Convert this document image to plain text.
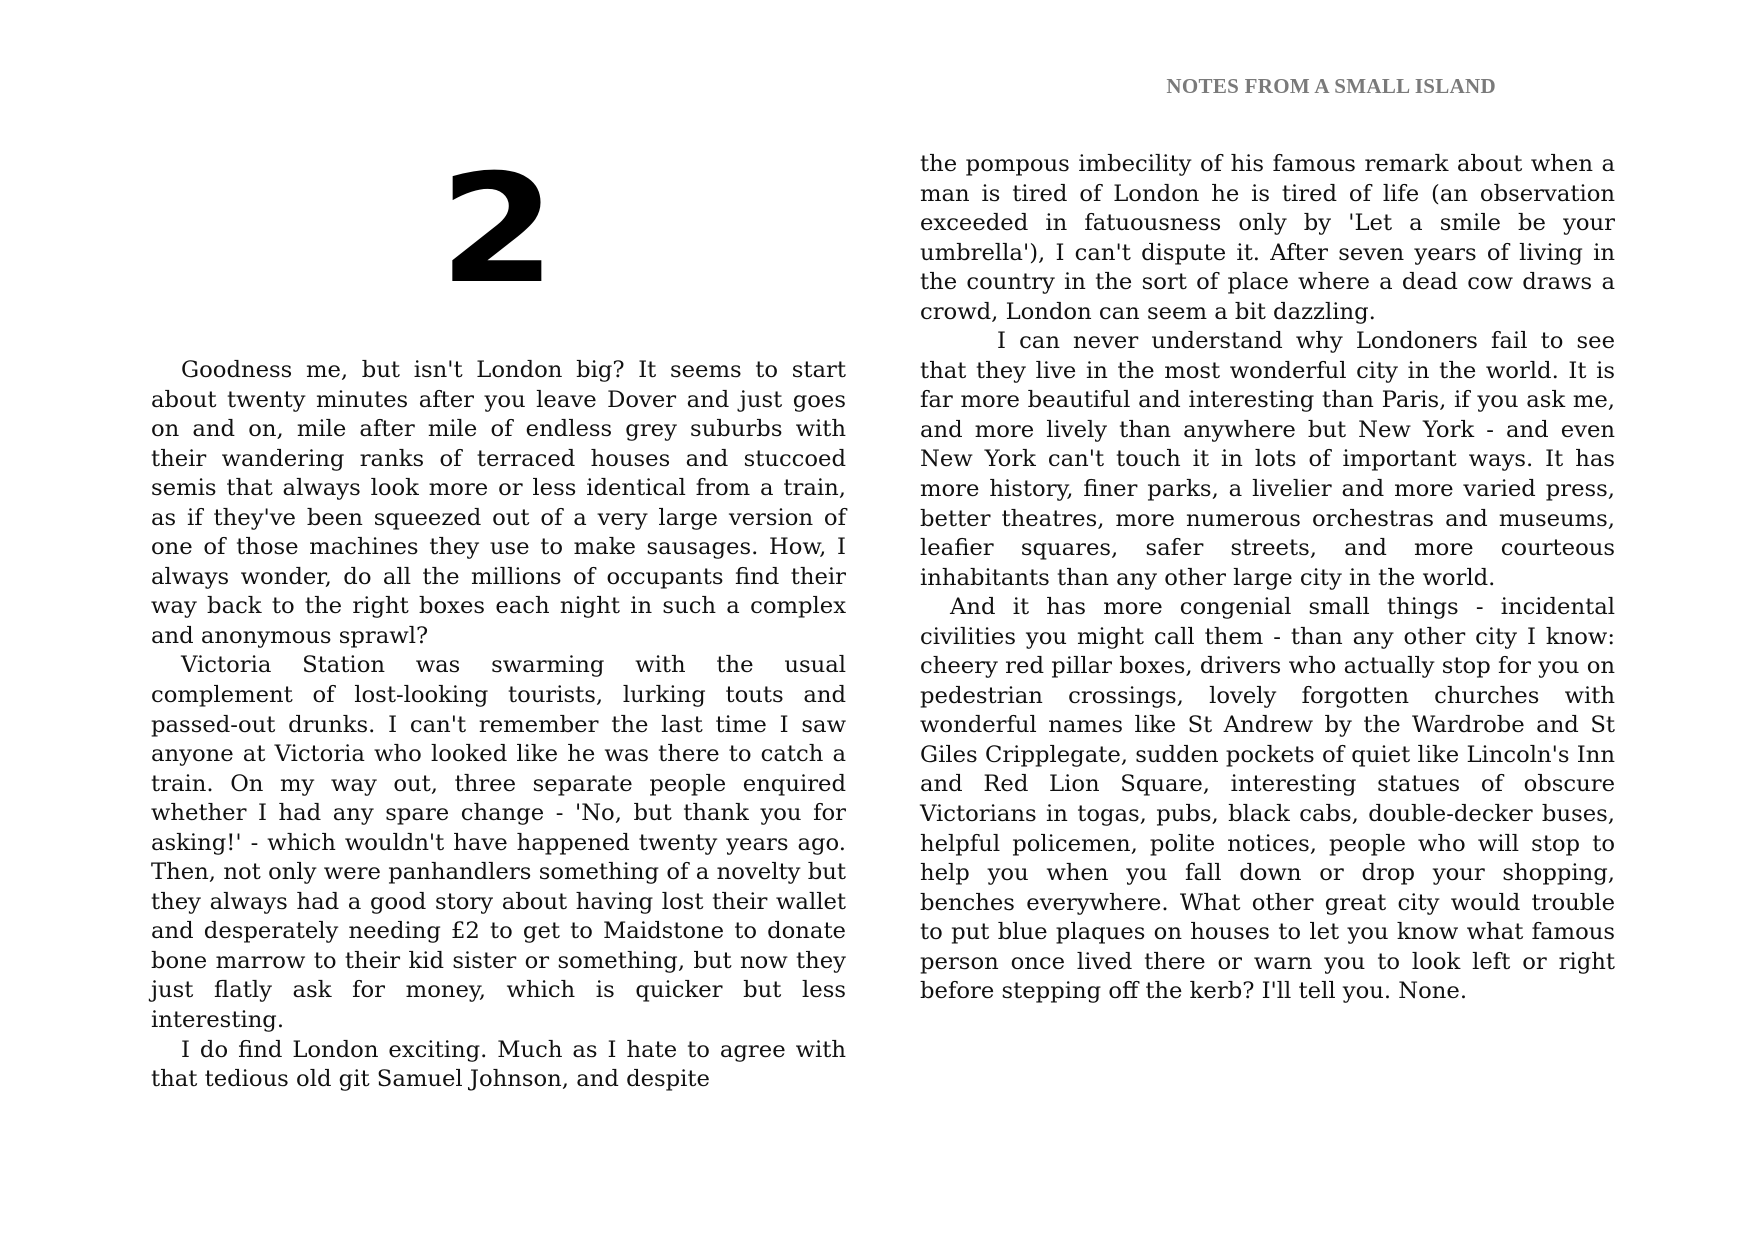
NOTES FROM A SMALL ISLAND
2

Goodness me, but isn't London big? It seems to start about twenty minutes after you leave Dover and just goes on and on, mile after mile of endless grey suburbs with their wandering ranks of terraced houses and stuccoed semis that always look more or less identical from a train, as if they've been squeezed out of a very large version of one of those machines they use to make sausages. How, I always wonder, do all the millions of occupants find their way back to the right boxes each night in such a complex and anonymous sprawl?

Victoria Station was swarming with the usual complement of lost-looking tourists, lurking touts and passed-out drunks. I can't remember the last time I saw anyone at Victoria who looked like he was there to catch a train. On my way out, three separate people enquired whether I had any spare change - 'No, but thank you for asking!' - which wouldn't have happened twenty years ago. Then, not only were panhandlers something of a novelty but they always had a good story about having lost their wallet and desperately needing £2 to get to Maidstone to donate bone marrow to their kid sister or something, but now they just flatly ask for money, which is quicker but less interesting.

I do find London exciting. Much as I hate to agree with that tedious old git Samuel Johnson, and despite

the pompous imbecility of his famous remark about when a man is tired of London he is tired of life (an observation exceeded in fatuousness only by 'Let a smile be your umbrella'), I can't dispute it. After seven years of living in the country in the sort of place where a dead cow draws a crowd, London can seem a bit dazzling.

I can never understand why Londoners fail to see that they live in the most wonderful city in the world. It is far more beautiful and interesting than Paris, if you ask me, and more lively than anywhere but New York - and even New York can't touch it in lots of important ways. It has more history, finer parks, a livelier and more varied press, better theatres, more numerous orchestras and museums, leafier squares, safer streets, and more courteous inhabitants than any other large city in the world.

And it has more congenial small things - incidental civilities you might call them - than any other city I know: cheery red pillar boxes, drivers who actually stop for you on pedestrian crossings, lovely forgotten churches with wonderful names like St Andrew by the Wardrobe and St Giles Cripplegate, sudden pockets of quiet like Lincoln's Inn and Red Lion Square, interesting statues of obscure Victorians in togas, pubs, black cabs, double-decker buses, helpful policemen, polite notices, people who will stop to help you when you fall down or drop your shopping, benches everywhere. What other great city would trouble to put blue plaques on houses to let you know what famous person once lived there or warn you to look left or right before stepping off the kerb? I'll tell you. None.
